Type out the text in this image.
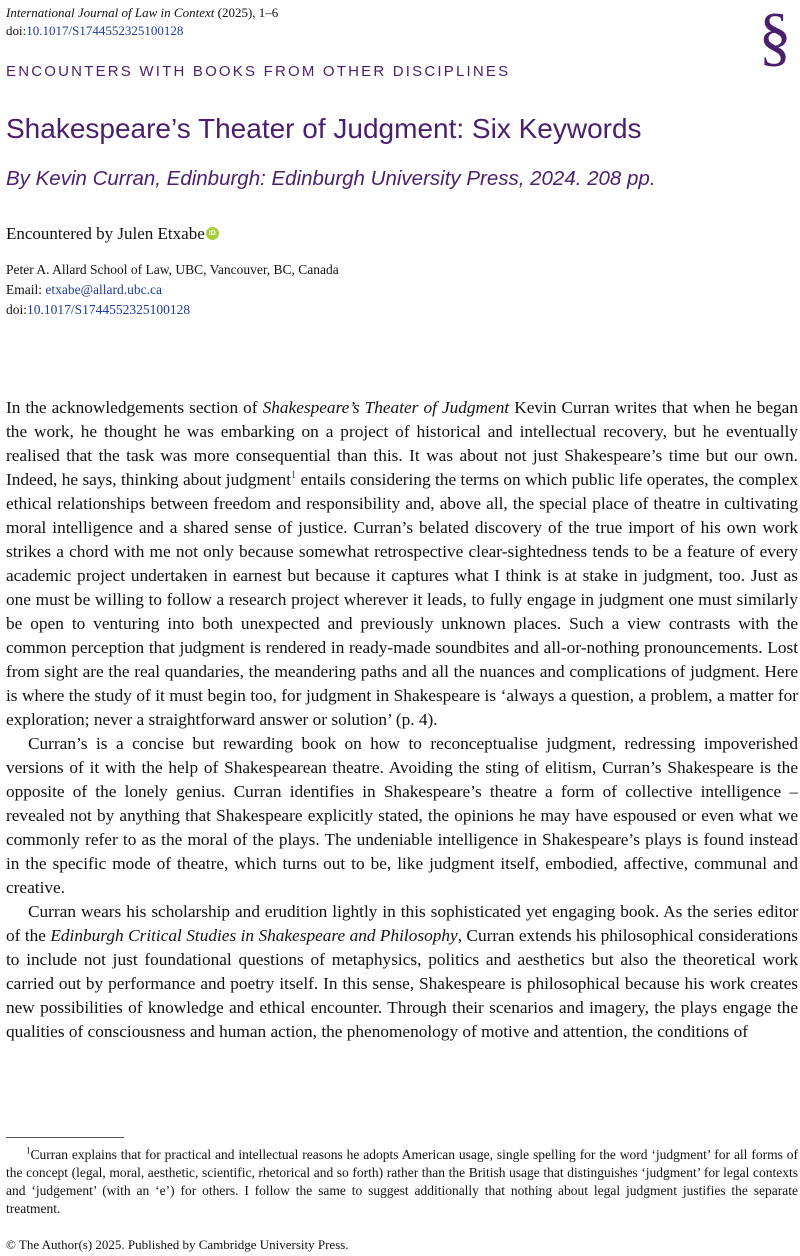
International Journal of Law in Context (2025), 1–6
doi:10.1017/S1744552325100128	§
ENCOUNTERS WITH BOOKS FROM OTHER DISCIPLINES
Shakespeare’s Theater of Judgment: Six Keywords
By Kevin Curran, Edinburgh: Edinburgh University Press, 2024. 208 pp.
Encountered by Julen Etxabe iD
Peter A. Allard School of Law, UBC, Vancouver, BC, Canada
Email: etxabe@allard.ubc.ca
doi:10.1017/S1744552325100128

In the acknowledgements section of Shakespeare’s Theater of Judgment Kevin Curran writes that when he began the work, he thought he was embarking on a project of historical and intellectual recovery, but he eventually realised that the task was more consequential than this. It was about not just Shakespeare’s time but our own. Indeed, he says, thinking about judgment$^1$ entails considering the terms on which public life operates, the complex ethical relationships between freedom and responsibility and, above all, the special place of theatre in cultivating moral intelligence and a shared sense of justice. Curran’s belated discovery of the true import of his own work strikes a chord with me not only because somewhat retrospective clear-sightedness tends to be a feature of every academic project undertaken in earnest but because it captures what I think is at stake in judgment, too. Just as one must be willing to follow a research project wherever it leads, to fully engage in judgment one must similarly be open to venturing into both unexpected and previously unknown places. Such a view contrasts with the common perception that judgment is rendered in ready-made soundbites and all-or-nothing pronouncements. Lost from sight are the real quandaries, the meandering paths and all the nuances and complications of judgment. Here is where the study of it must begin too, for judgment in Shakespeare is ‘always a question, a problem, a matter for exploration; never a straightforward answer or solution’ (p. 4).

Curran’s is a concise but rewarding book on how to reconceptualise judgment, redressing impoverished versions of it with the help of Shakespearean theatre. Avoiding the sting of elitism, Curran’s Shakespeare is the opposite of the lonely genius. Curran identifies in Shakespeare’s theatre a form of collective intelligence – revealed not by anything that Shakespeare explicitly stated, the opinions he may have espoused or even what we commonly refer to as the moral of the plays. The undeniable intelligence in Shakespeare’s plays is found instead in the specific mode of theatre, which turns out to be, like judgment itself, embodied, affective, communal and creative.

Curran wears his scholarship and erudition lightly in this sophisticated yet engaging book. As the series editor of the Edinburgh Critical Studies in Shakespeare and Philosophy, Curran extends his philosophical considerations to include not just foundational questions of metaphysics, politics and aesthetics but also the theoretical work carried out by performance and poetry itself. In this sense, Shakespeare is philosophical because his work creates new possibilities of knowledge and ethical encounter. Through their scenarios and imagery, the plays engage the qualities of consciousness and human action, the phenomenology of motive and attention, the conditions of

$^1$Curran explains that for practical and intellectual reasons he adopts American usage, single spelling for the word ‘judgment’ for all forms of the concept (legal, moral, aesthetic, scientific, rhetorical and so forth) rather than the British usage that distinguishes ‘judgment’ for legal contexts and ‘judgement’ (with an ‘e’) for others. I follow the same to suggest additionally that nothing about legal judgment justifies the separate treatment.
© The Author(s) 2025. Published by Cambridge University Press.
